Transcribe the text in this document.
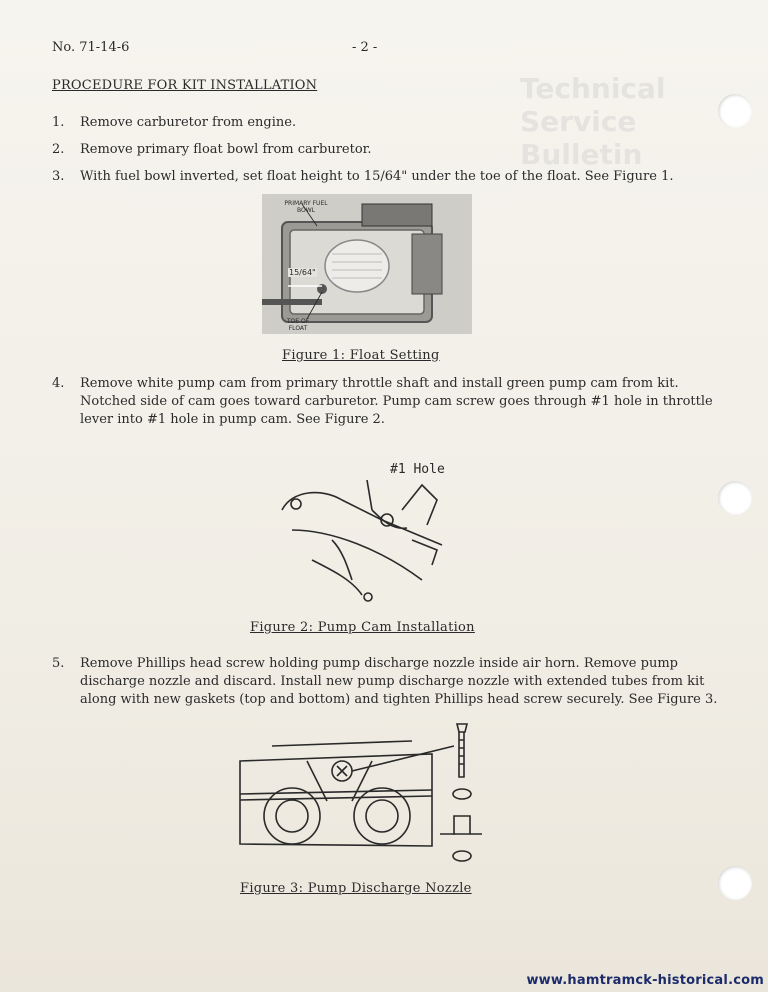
Technical Service Bulletin
No. 71-14-6	- 2 -
PROCEDURE FOR KIT INSTALLATION
1.	Remove carburetor from engine.
2.	Remove primary float bowl from carburetor.
3.	With fuel bowl inverted, set float height to 15/64" under the toe of the float. See Figure 1.
PRIMARY FUEL BOWL
15/64"
TOE OF FLOAT
Figure 1: Float Setting
4.	Remove white pump cam from primary throttle shaft and install green pump cam from kit. Notched side of cam goes toward carburetor. Pump cam screw goes through #1 hole in throttle lever into #1 hole in pump cam. See Figure 2.
#1 Hole
Figure 2: Pump Cam Installation
5.	Remove Phillips head screw holding pump discharge nozzle inside air horn. Remove pump discharge nozzle and discard. Install new pump discharge nozzle with extended tubes from kit along with new gaskets (top and bottom) and tighten Phillips head screw securely. See Figure 3.
Figure 3: Pump Discharge Nozzle
www.hamtramck-historical.com
